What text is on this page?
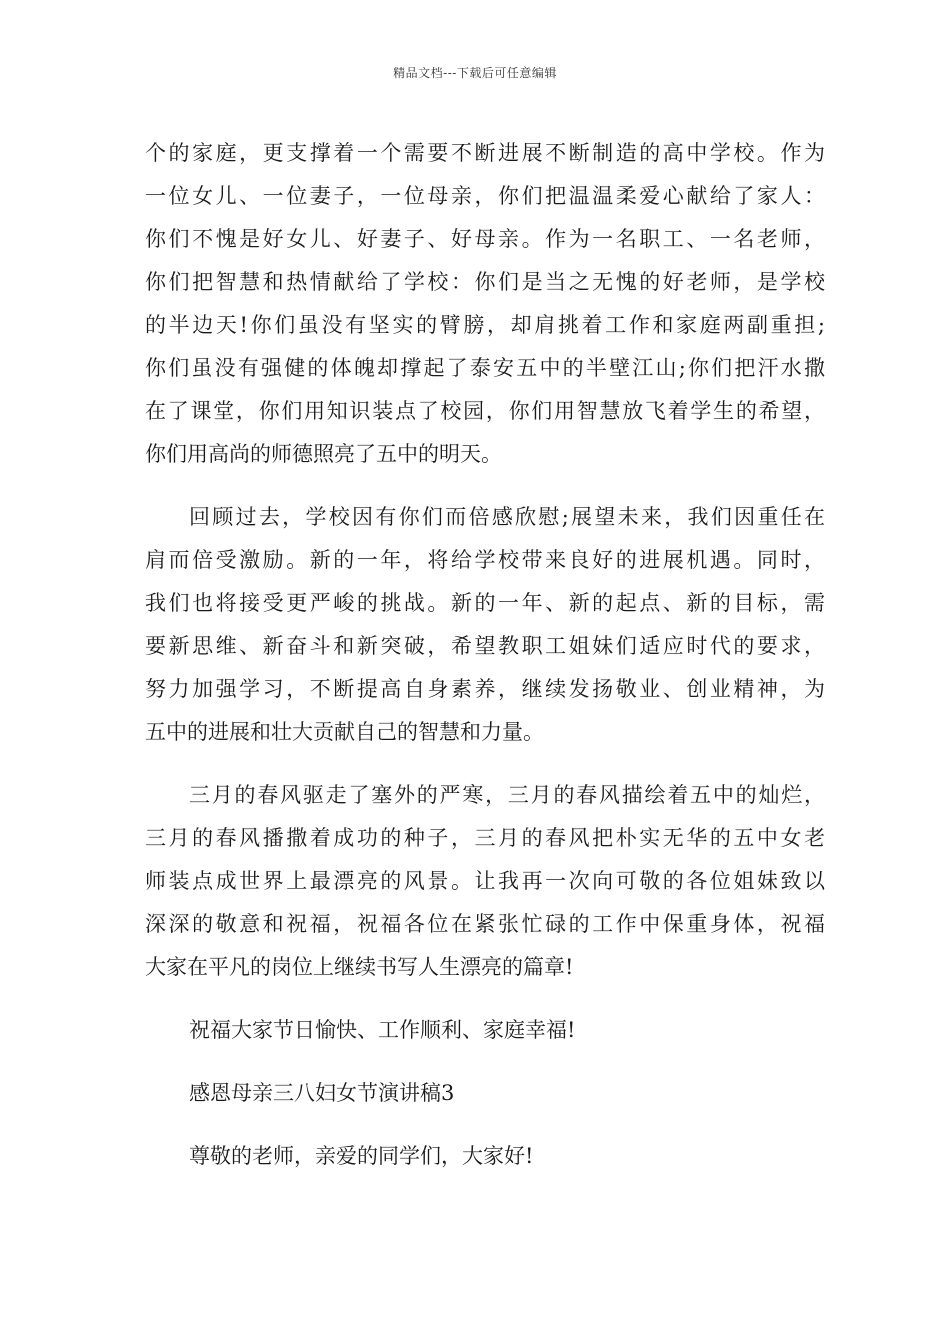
精品文档---下载后可任意编辑
个的家庭，更支撑着一个需要不断进展不断制造的高中学校。作为
一位女儿、一位妻子，一位母亲，你们把温温柔爱心献给了家人：
你们不愧是好女儿、好妻子、好母亲。作为一名职工、一名老师，
你们把智慧和热情献给了学校：你们是当之无愧的好老师，是学校
的半边天!你们虽没有坚实的臂膀，却肩挑着工作和家庭两副重担;
你们虽没有强健的体魄却撑起了泰安五中的半壁江山;你们把汗水撒
在了课堂，你们用知识装点了校园，你们用智慧放飞着学生的希望，
你们用高尚的师德照亮了五中的明天。
回顾过去，学校因有你们而倍感欣慰;展望未来，我们因重任在
肩而倍受激励。新的一年，将给学校带来良好的进展机遇。同时，
我们也将接受更严峻的挑战。新的一年、新的起点、新的目标，需
要新思维、新奋斗和新突破，希望教职工姐妹们适应时代的要求，
努力加强学习，不断提高自身素养，继续发扬敬业、创业精神，为
五中的进展和壮大贡献自己的智慧和力量。
三月的春风驱走了塞外的严寒，三月的春风描绘着五中的灿烂，
三月的春风播撒着成功的种子，三月的春风把朴实无华的五中女老
师装点成世界上最漂亮的风景。让我再一次向可敬的各位姐妹致以
深深的敬意和祝福，祝福各位在紧张忙碌的工作中保重身体，祝福
大家在平凡的岗位上继续书写人生漂亮的篇章!
祝福大家节日愉快、工作顺利、家庭幸福!
感恩母亲三八妇女节演讲稿3
尊敬的老师，亲爱的同学们，大家好!
